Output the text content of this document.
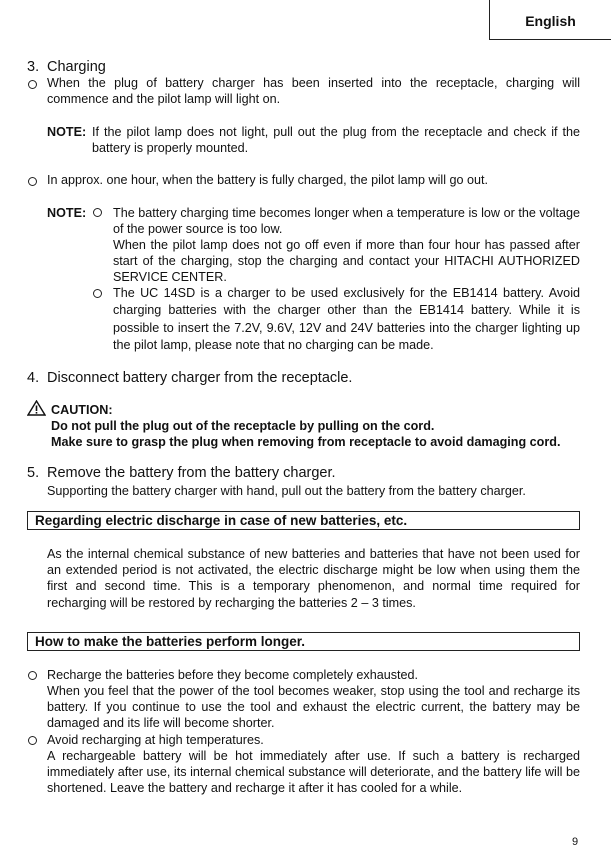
English
3. Charging
When the plug of battery charger has been inserted into the receptacle, charging will commence and the pilot lamp will light on.
NOTE: If the pilot lamp does not light, pull out the plug from the receptacle and check if the battery is properly mounted.
In approx. one hour, when the battery is fully charged, the pilot lamp will go out.
NOTE: The battery charging time becomes longer when a temperature is low or the voltage of the power source is too low.
When the pilot lamp does not go off even if more than four hour has passed after start of the charging, stop the charging and contact your HITACHI AUTHORIZED SERVICE CENTER.
The UC 14SD is a charger to be used exclusively for the EB1414 battery. Avoid charging batteries with the charger other than the EB1414 battery. While it is possible to insert the 7.2V, 9.6V, 12V and 24V batteries into the charger lighting up the pilot lamp, please note that no charging can be made.
4. Disconnect battery charger from the receptacle.
CAUTION:
Do not pull the plug out of the receptacle by pulling on the cord.
Make sure to grasp the plug when removing from receptacle to avoid damaging cord.
5. Remove the battery from the battery charger.
Supporting the battery charger with hand, pull out the battery from the battery charger.
Regarding electric discharge in case of new batteries, etc.
As the internal chemical substance of new batteries and batteries that have not been used for an extended period is not activated, the electric discharge might be low when using them the first and second time. This is a temporary phenomenon, and normal time required for recharging will be restored by recharging the batteries 2 – 3 times.
How to make the batteries perform longer.
Recharge the batteries before they become completely exhausted.
When you feel that the power of the tool becomes weaker, stop using the tool and recharge its battery. If you continue to use the tool and exhaust the electric current, the battery may be damaged and its life will become shorter.
Avoid recharging at high temperatures.
A rechargeable battery will be hot immediately after use. If such a battery is recharged immediately after use, its internal chemical substance will deteriorate, and the battery life will be shortened. Leave the battery and recharge it after it has cooled for a while.
9
